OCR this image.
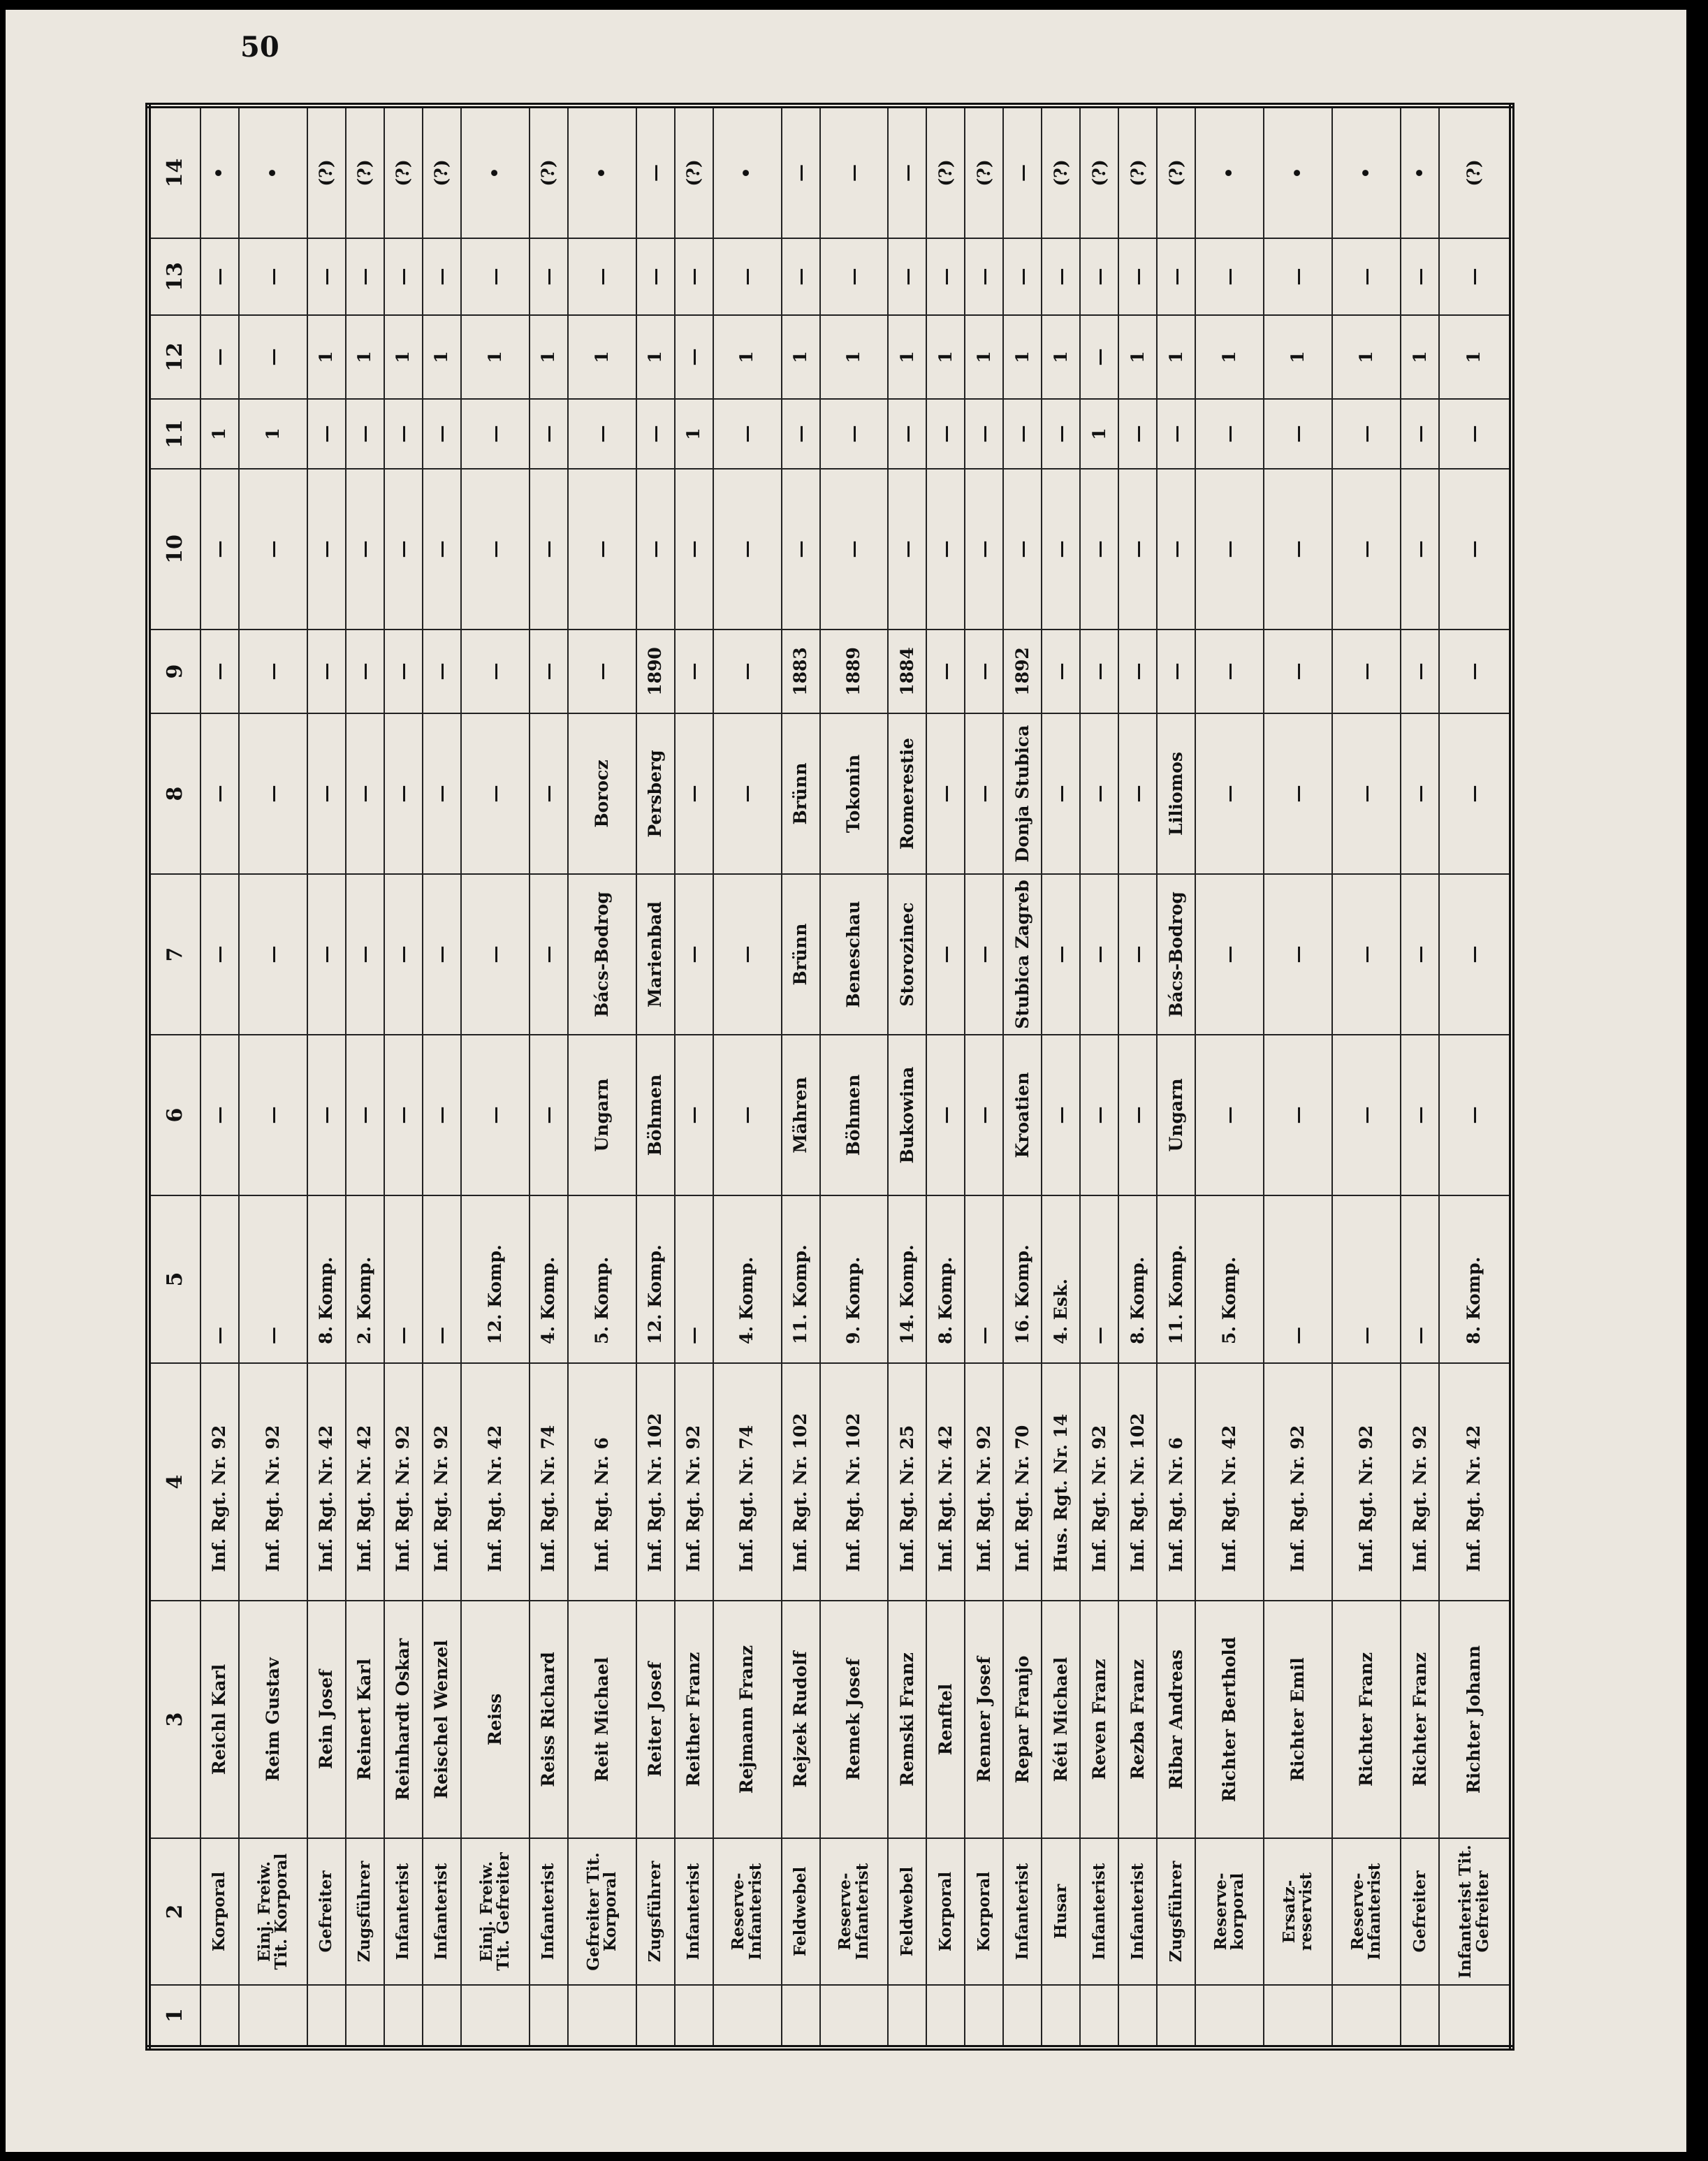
50
1	2	3	4	5	6	7	8	9	10	11	12	13	14
	Korporal	Reichl Karl	Inf. Rgt. Nr. 92	—	—	—	—	—	—	1	—	—	•
	Einj. Freiw. Tit. Korporal	Reim Gustav	Inf. Rgt. Nr. 92	—	—	—	—	—	—	1	—	—	•
	Gefreiter	Rein Josef	Inf. Rgt. Nr. 42	8. Komp.	—	—	—	—	—	—	1	—	(?)
	Zugsführer	Reinert Karl	Inf. Rgt. Nr. 42	2. Komp.	—	—	—	—	—	—	1	—	(?)
	Infanterist	Reinhardt Oskar	Inf. Rgt. Nr. 92	—	—	—	—	—	—	—	1	—	(?)
	Infanterist	Reischel Wenzel	Inf. Rgt. Nr. 92	—	—	—	—	—	—	—	1	—	(?)
	Einj. Freiw. Tit. Gefreiter	Reiss	Inf. Rgt. Nr. 42	12. Komp.	—	—	—	—	—	—	1	—	•
	Infanterist	Reiss Richard	Inf. Rgt. Nr. 74	4. Komp.	—	—	—	—	—	—	1	—	(?)
	Gefreiter Tit. Korporal	Reit Michael	Inf. Rgt. Nr. 6	5. Komp.	Ungarn	Bács-Bodrog	Borocz	—	—	—	1	—	•
	Zugsführer	Reiter Josef	Inf. Rgt. Nr. 102	12. Komp.	Böhmen	Marienbad	Persberg	1890	—	—	1	—	—
	Infanterist	Reither Franz	Inf. Rgt. Nr. 92	—	—	—	—	—	—	1	—	—	(?)
	Reserve-Infanterist	Rejmann Franz	Inf. Rgt. Nr. 74	4. Komp.	—	—	—	—	—	—	1	—	•
	Feldwebel	Rejzek Rudolf	Inf. Rgt. Nr. 102	11. Komp.	Mähren	Brünn	Brünn	1883	—	—	1	—	—
	Reserve-Infanterist	Remek Josef	Inf. Rgt. Nr. 102	9. Komp.	Böhmen	Beneschau	Tokonin	1889	—	—	1	—	—
	Feldwebel	Remski Franz	Inf. Rgt. Nr. 25	14. Komp.	Bukowina	Storozinec	Romerestie	1884	—	—	1	—	—
	Korporal	Renftel	Inf. Rgt. Nr. 42	8. Komp.	—	—	—	—	—	—	1	—	(?)
	Korporal	Renner Josef	Inf. Rgt. Nr. 92	—	—	—	—	—	—	—	1	—	(?)
	Infanterist	Repar Franjo	Inf. Rgt. Nr. 70	16. Komp.	Kroatien	Stubica Zagreb	Donja Stubica	1892	—	—	1	—	—
	Husar	Réti Michael	Hus. Rgt. Nr. 14	4. Esk.	—	—	—	—	—	—	1	—	(?)
	Infanterist	Reven Franz	Inf. Rgt. Nr. 92	—	—	—	—	—	—	1	—	—	(?)
	Infanterist	Rezba Franz	Inf. Rgt. Nr. 102	8. Komp.	—	—	—	—	—	—	1	—	(?)
	Zugsführer	Ribar Andreas	Inf. Rgt. Nr. 6	11. Komp.	Ungarn	Bács-Bodrog	Liliomos	—	—	—	1	—	(?)
	Reserve-korporal	Richter Berthold	Inf. Rgt. Nr. 42	5. Komp.	—	—	—	—	—	—	1	—	•
	Ersatz-reservist	Richter Emil	Inf. Rgt. Nr. 92	—	—	—	—	—	—	—	1	—	•
	Reserve-Infanterist	Richter Franz	Inf. Rgt. Nr. 92	—	—	—	—	—	—	—	1	—	•
	Gefreiter	Richter Franz	Inf. Rgt. Nr. 92	—	—	—	—	—	—	—	1	—	•
	Infanterist Tit. Gefreiter	Richter Johann	Inf. Rgt. Nr. 42	8. Komp.	—	—	—	—	—	—	1	—	(?)
